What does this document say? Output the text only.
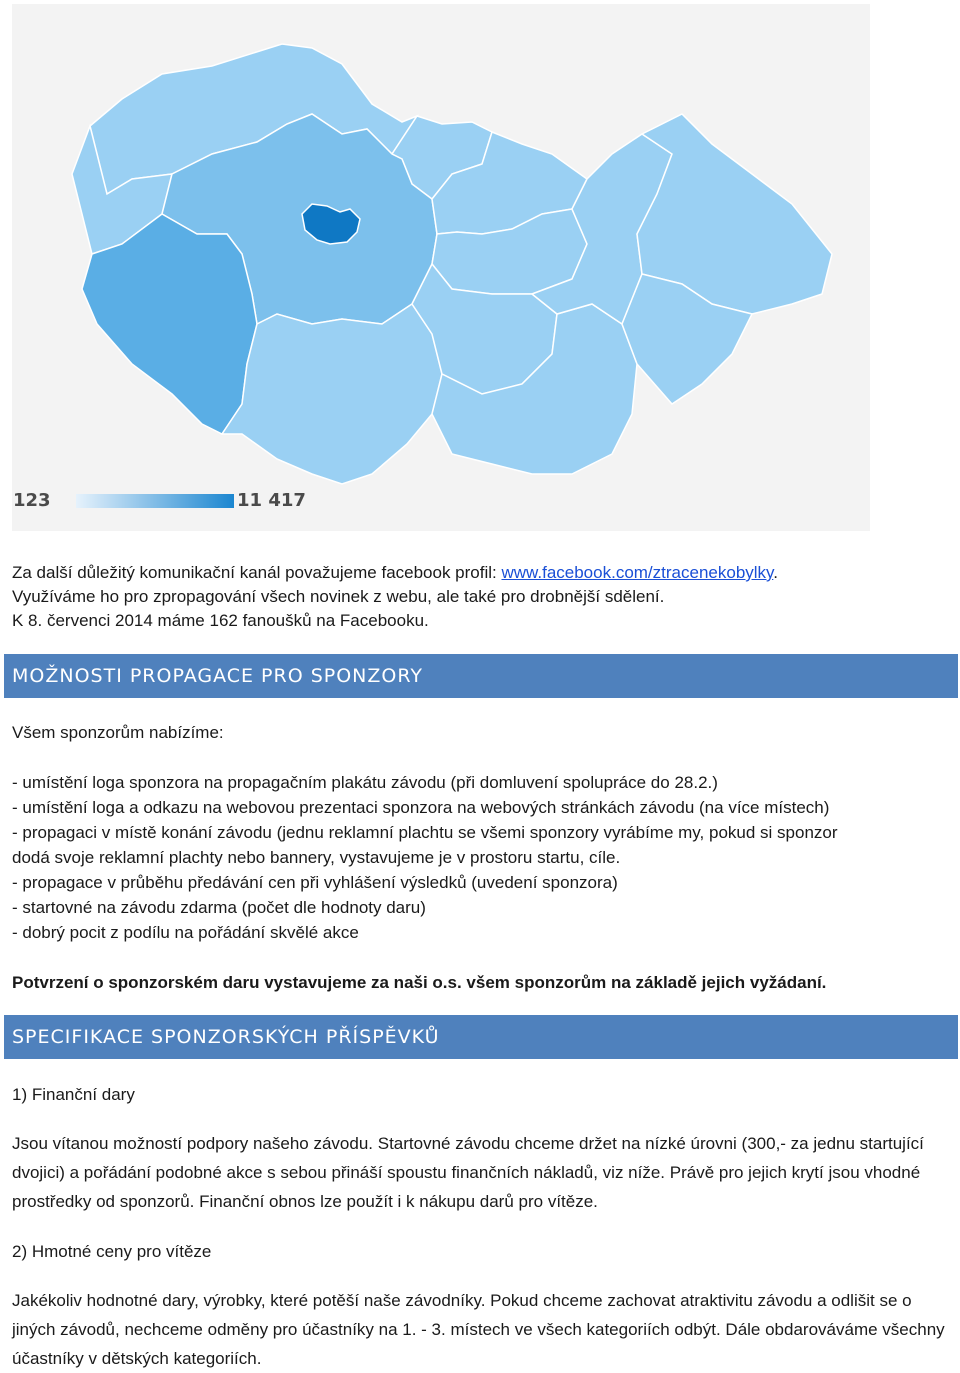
123	11 417
Za další důležitý komunikační kanál považujeme facebook profil: www.facebook.com/ztracenekobylky.
Využíváme ho pro zpropagování všech novinek z webu, ale také pro drobnější sdělení.
K 8. červenci 2014 máme 162 fanoušků na Facebooku.
MOŽNOSTI PROPAGACE PRO SPONZORY
Všem sponzorům nabízíme:
- umístění loga sponzora na propagačním plakátu závodu (při domluvení spolupráce do 28.2.)
- umístění loga a odkazu na webovou prezentaci sponzora na webových stránkách závodu (na více místech)
- propagaci v místě konání závodu (jednu reklamní plachtu se všemi sponzory vyrábíme my, pokud si sponzor
dodá svoje reklamní plachty nebo bannery, vystavujeme je v prostoru startu, cíle.
- propagace v průběhu předávání cen při vyhlášení výsledků (uvedení sponzora)
- startovné na závodu zdarma (počet dle hodnoty daru)
- dobrý pocit z podílu na pořádání skvělé akce
Potvrzení o sponzorském daru vystavujeme za naši o.s. všem sponzorům na základě jejich vyžádaní.
SPECIFIKACE SPONZORSKÝCH PŘÍSPĚVKŮ
1) Finanční dary
Jsou vítanou možností podpory našeho závodu. Startovné závodu chceme držet na nízké úrovni (300,- za jednu startující dvojici) a pořádání podobné akce s sebou přináší spoustu finančních nákladů, viz níže. Právě pro jejich krytí jsou vhodné prostředky od sponzorů. Finanční obnos lze použít i k nákupu darů pro vítěze.
2) Hmotné ceny pro vítěze
Jakékoliv hodnotné dary, výrobky, které potěší naše závodníky. Pokud chceme zachovat atraktivitu závodu a odlišit se o jiných závodů, nechceme odměny pro účastníky na 1. - 3. místech ve všech kategoriích odbýt. Dále obdarováváme všechny účastníky v dětských kategoriích.
